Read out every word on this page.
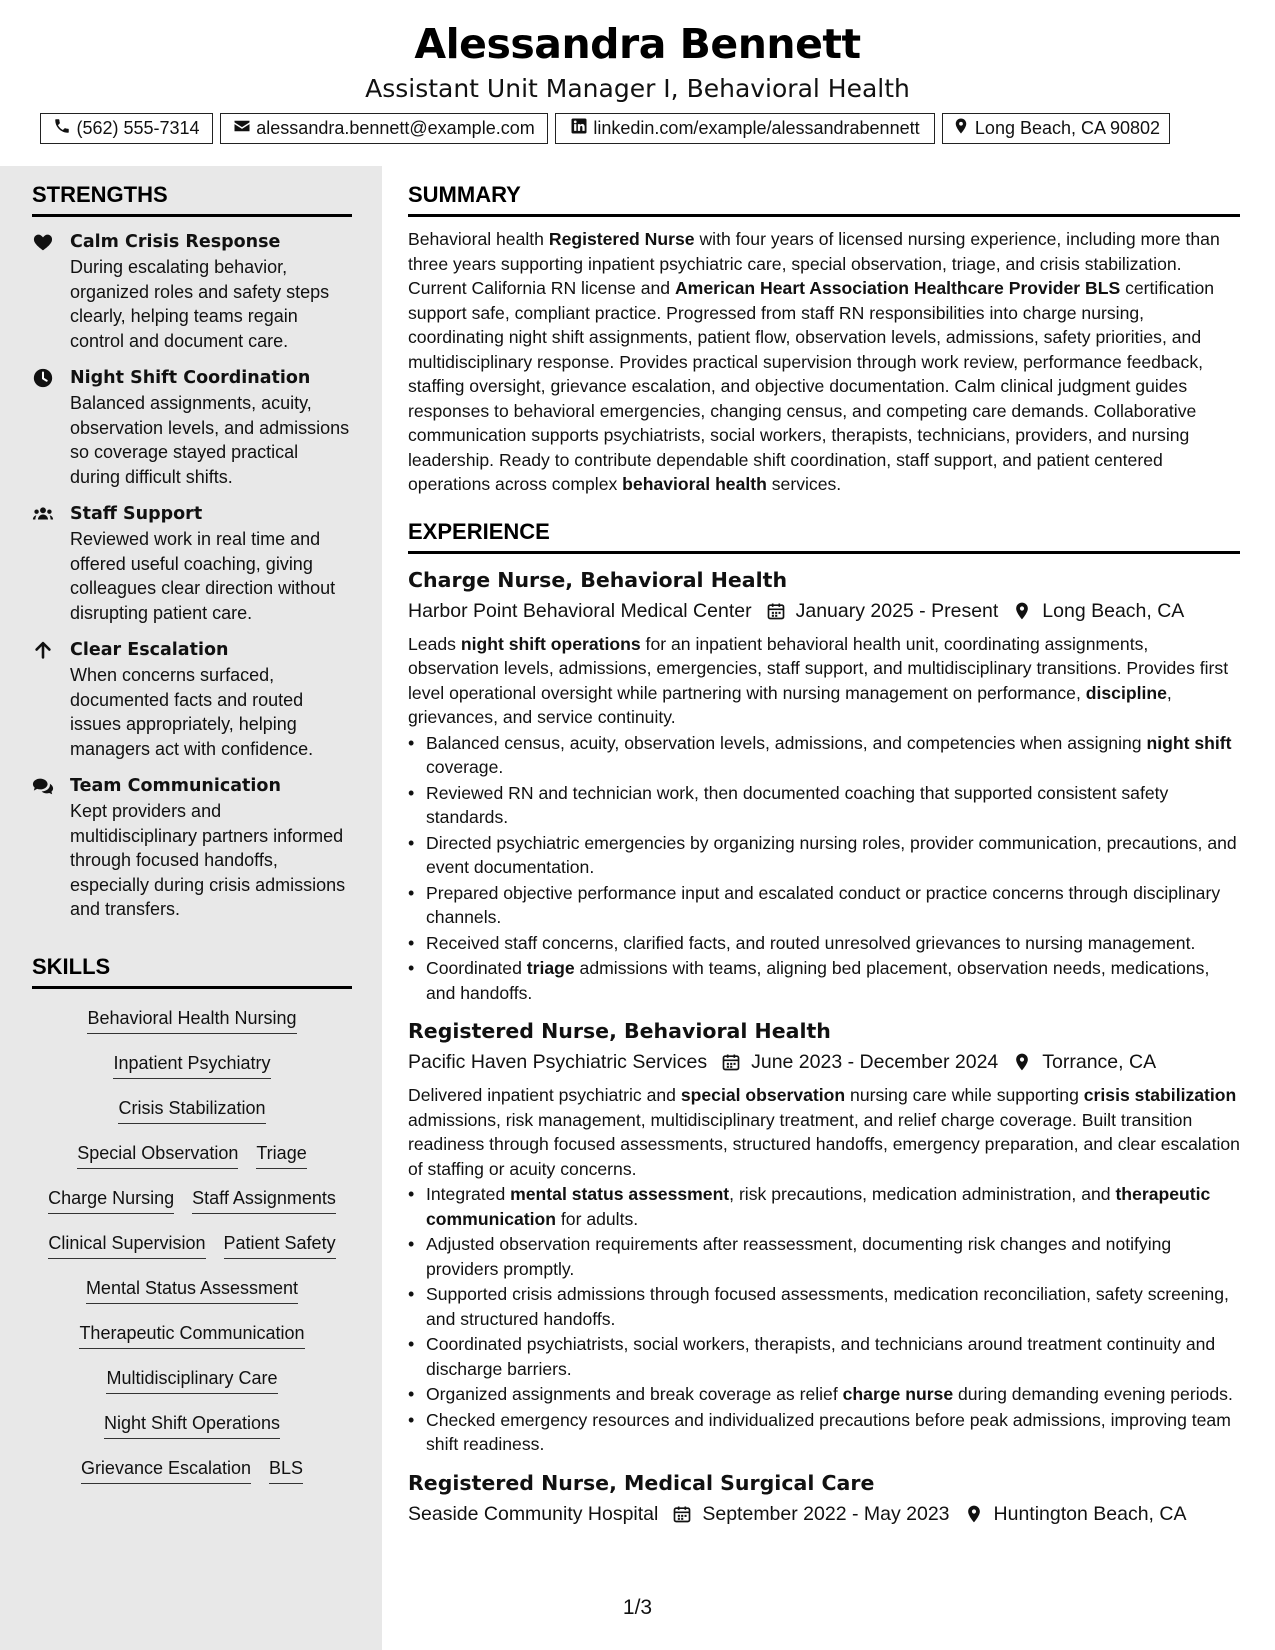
Alessandra Bennett
Assistant Unit Manager I, Behavioral Health
(562) 555-7314	alessandra.bennett@example.com	linkedin.com/example/alessandrabennett	Long Beach, CA 90802
STRENGTHS
Calm Crisis Response
During escalating behavior, organized roles and safety steps clearly, helping teams regain control and document care.
Night Shift Coordination
Balanced assignments, acuity, observation levels, and admissions so coverage stayed practical during difficult shifts.
Staff Support
Reviewed work in real time and offered useful coaching, giving colleagues clear direction without disrupting patient care.
Clear Escalation
When concerns surfaced, documented facts and routed issues appropriately, helping managers act with confidence.
Team Communication
Kept providers and multidisciplinary partners informed through focused handoffs, especially during crisis admissions and transfers.
SKILLS
Behavioral Health Nursing
Inpatient Psychiatry
Crisis Stabilization
Special Observation Triage
Charge Nursing Staff Assignments
Clinical Supervision Patient Safety
Mental Status Assessment
Therapeutic Communication
Multidisciplinary Care
Night Shift Operations
Grievance Escalation BLS
SUMMARY
Behavioral health Registered Nurse with four years of licensed nursing experience, including more than three years supporting inpatient psychiatric care, special observation, triage, and crisis stabilization. Current California RN license and American Heart Association Healthcare Provider BLS certification support safe, compliant practice. Progressed from staff RN responsibilities into charge nursing, coordinating night shift assignments, patient flow, observation levels, admissions, safety priorities, and multidisciplinary response. Provides practical supervision through work review, performance feedback, staffing oversight, grievance escalation, and objective documentation. Calm clinical judgment guides responses to behavioral emergencies, changing census, and competing care demands. Collaborative communication supports psychiatrists, social workers, therapists, technicians, providers, and nursing leadership. Ready to contribute dependable shift coordination, staff support, and patient centered operations across complex behavioral health services.
EXPERIENCE
Charge Nurse, Behavioral Health
Harbor Point Behavioral Medical Center January 2025 - Present Long Beach, CA
Leads night shift operations for an inpatient behavioral health unit, coordinating assignments, observation levels, admissions, emergencies, staff support, and multidisciplinary transitions. Provides first level operational oversight while partnering with nursing management on performance, discipline, grievances, and service continuity.
• Balanced census, acuity, observation levels, admissions, and competencies when assigning night shift coverage.
• Reviewed RN and technician work, then documented coaching that supported consistent safety standards.
• Directed psychiatric emergencies by organizing nursing roles, provider communication, precautions, and event documentation.
• Prepared objective performance input and escalated conduct or practice concerns through disciplinary channels.
• Received staff concerns, clarified facts, and routed unresolved grievances to nursing management.
• Coordinated triage admissions with teams, aligning bed placement, observation needs, medications, and handoffs.
Registered Nurse, Behavioral Health
Pacific Haven Psychiatric Services June 2023 - December 2024 Torrance, CA
Delivered inpatient psychiatric and special observation nursing care while supporting crisis stabilization admissions, risk management, multidisciplinary treatment, and relief charge coverage. Built transition readiness through focused assessments, structured handoffs, emergency preparation, and clear escalation of staffing or acuity concerns.
• Integrated mental status assessment, risk precautions, medication administration, and therapeutic communication for adults.
• Adjusted observation requirements after reassessment, documenting risk changes and notifying providers promptly.
• Supported crisis admissions through focused assessments, medication reconciliation, safety screening, and structured handoffs.
• Coordinated psychiatrists, social workers, therapists, and technicians around treatment continuity and discharge barriers.
• Organized assignments and break coverage as relief charge nurse during demanding evening periods.
• Checked emergency resources and individualized precautions before peak admissions, improving team shift readiness.
Registered Nurse, Medical Surgical Care
Seaside Community Hospital September 2022 - May 2023 Huntington Beach, CA
1/3
